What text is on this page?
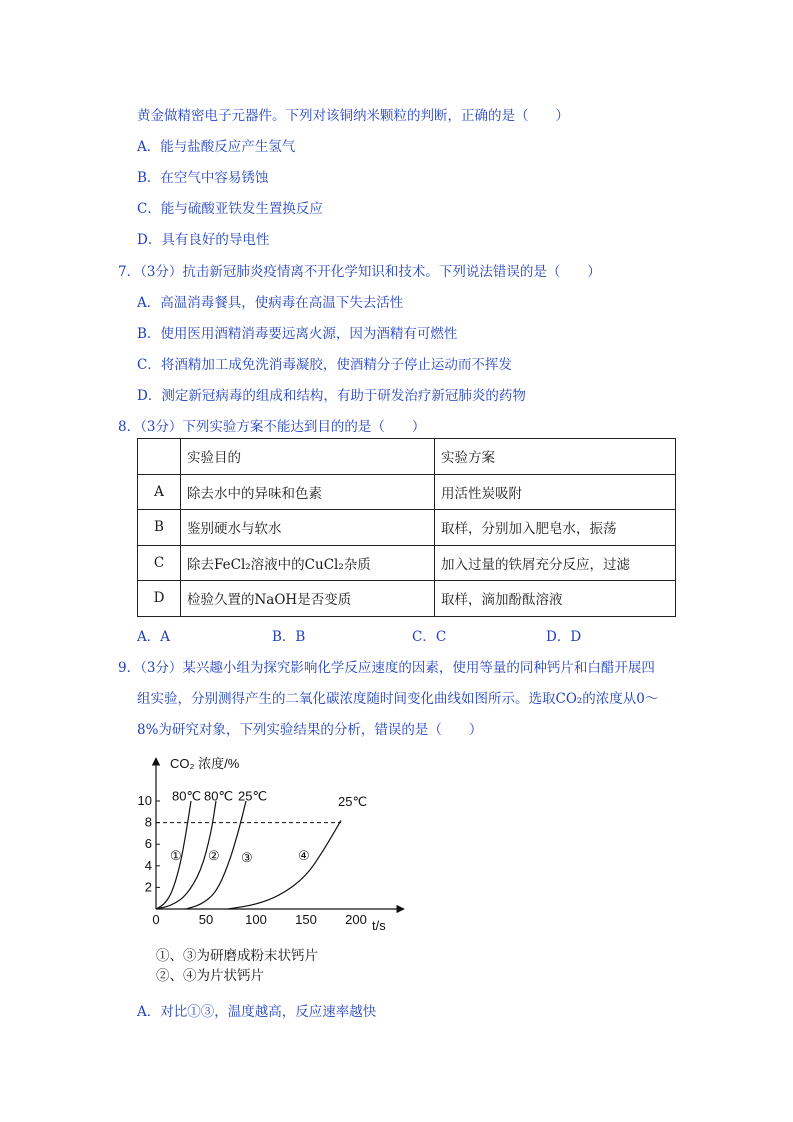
黄金做精密电子元器件。下列对该铜纳米颗粒的判断，正确的是（　　）
A．能与盐酸反应产生氢气
B．在空气中容易锈蚀
C．能与硫酸亚铁发生置换反应
D．具有良好的导电性
7．（3分）抗击新冠肺炎疫情离不开化学知识和技术。下列说法错误的是（　　）
A．高温消毒餐具，使病毒在高温下失去活性
B．使用医用酒精消毒要远离火源，因为酒精有可燃性
C．将酒精加工成免洗消毒凝胶，使酒精分子停止运动而不挥发
D．测定新冠病毒的组成和结构，有助于研发治疗新冠肺炎的药物
8．（3分）下列实验方案不能达到目的的是（　　）
	实验目的	实验方案
A	除去水中的异味和色素	用活性炭吸附
B	鉴别硬水与软水	取样，分别加入肥皂水，振荡
C	除去FeCl₂溶液中的CuCl₂杂质	加入过量的铁屑充分反应，过滤
D	检验久置的NaOH是否变质	取样，滴加酚酞溶液
A．A	B．B	C．C	D．D
9．（3分）某兴趣小组为探究影响化学反应速度的因素，使用等量的同种钙片和白醋开展四
组实验，分别测得产生的二氧化碳浓度随时间变化曲线如图所示。选取CO₂的浓度从0～
8%为研究对象，下列实验结果的分析，错误的是（　　）
CO₂ 浓度/%
t/s
2
4
6
8
10
0	50 100 150 200
①
80℃
②
80℃
③
25℃
④
25℃
①、③为研磨成粉末状钙片
②、④为片状钙片
A．对比①③，温度越高，反应速率越快
